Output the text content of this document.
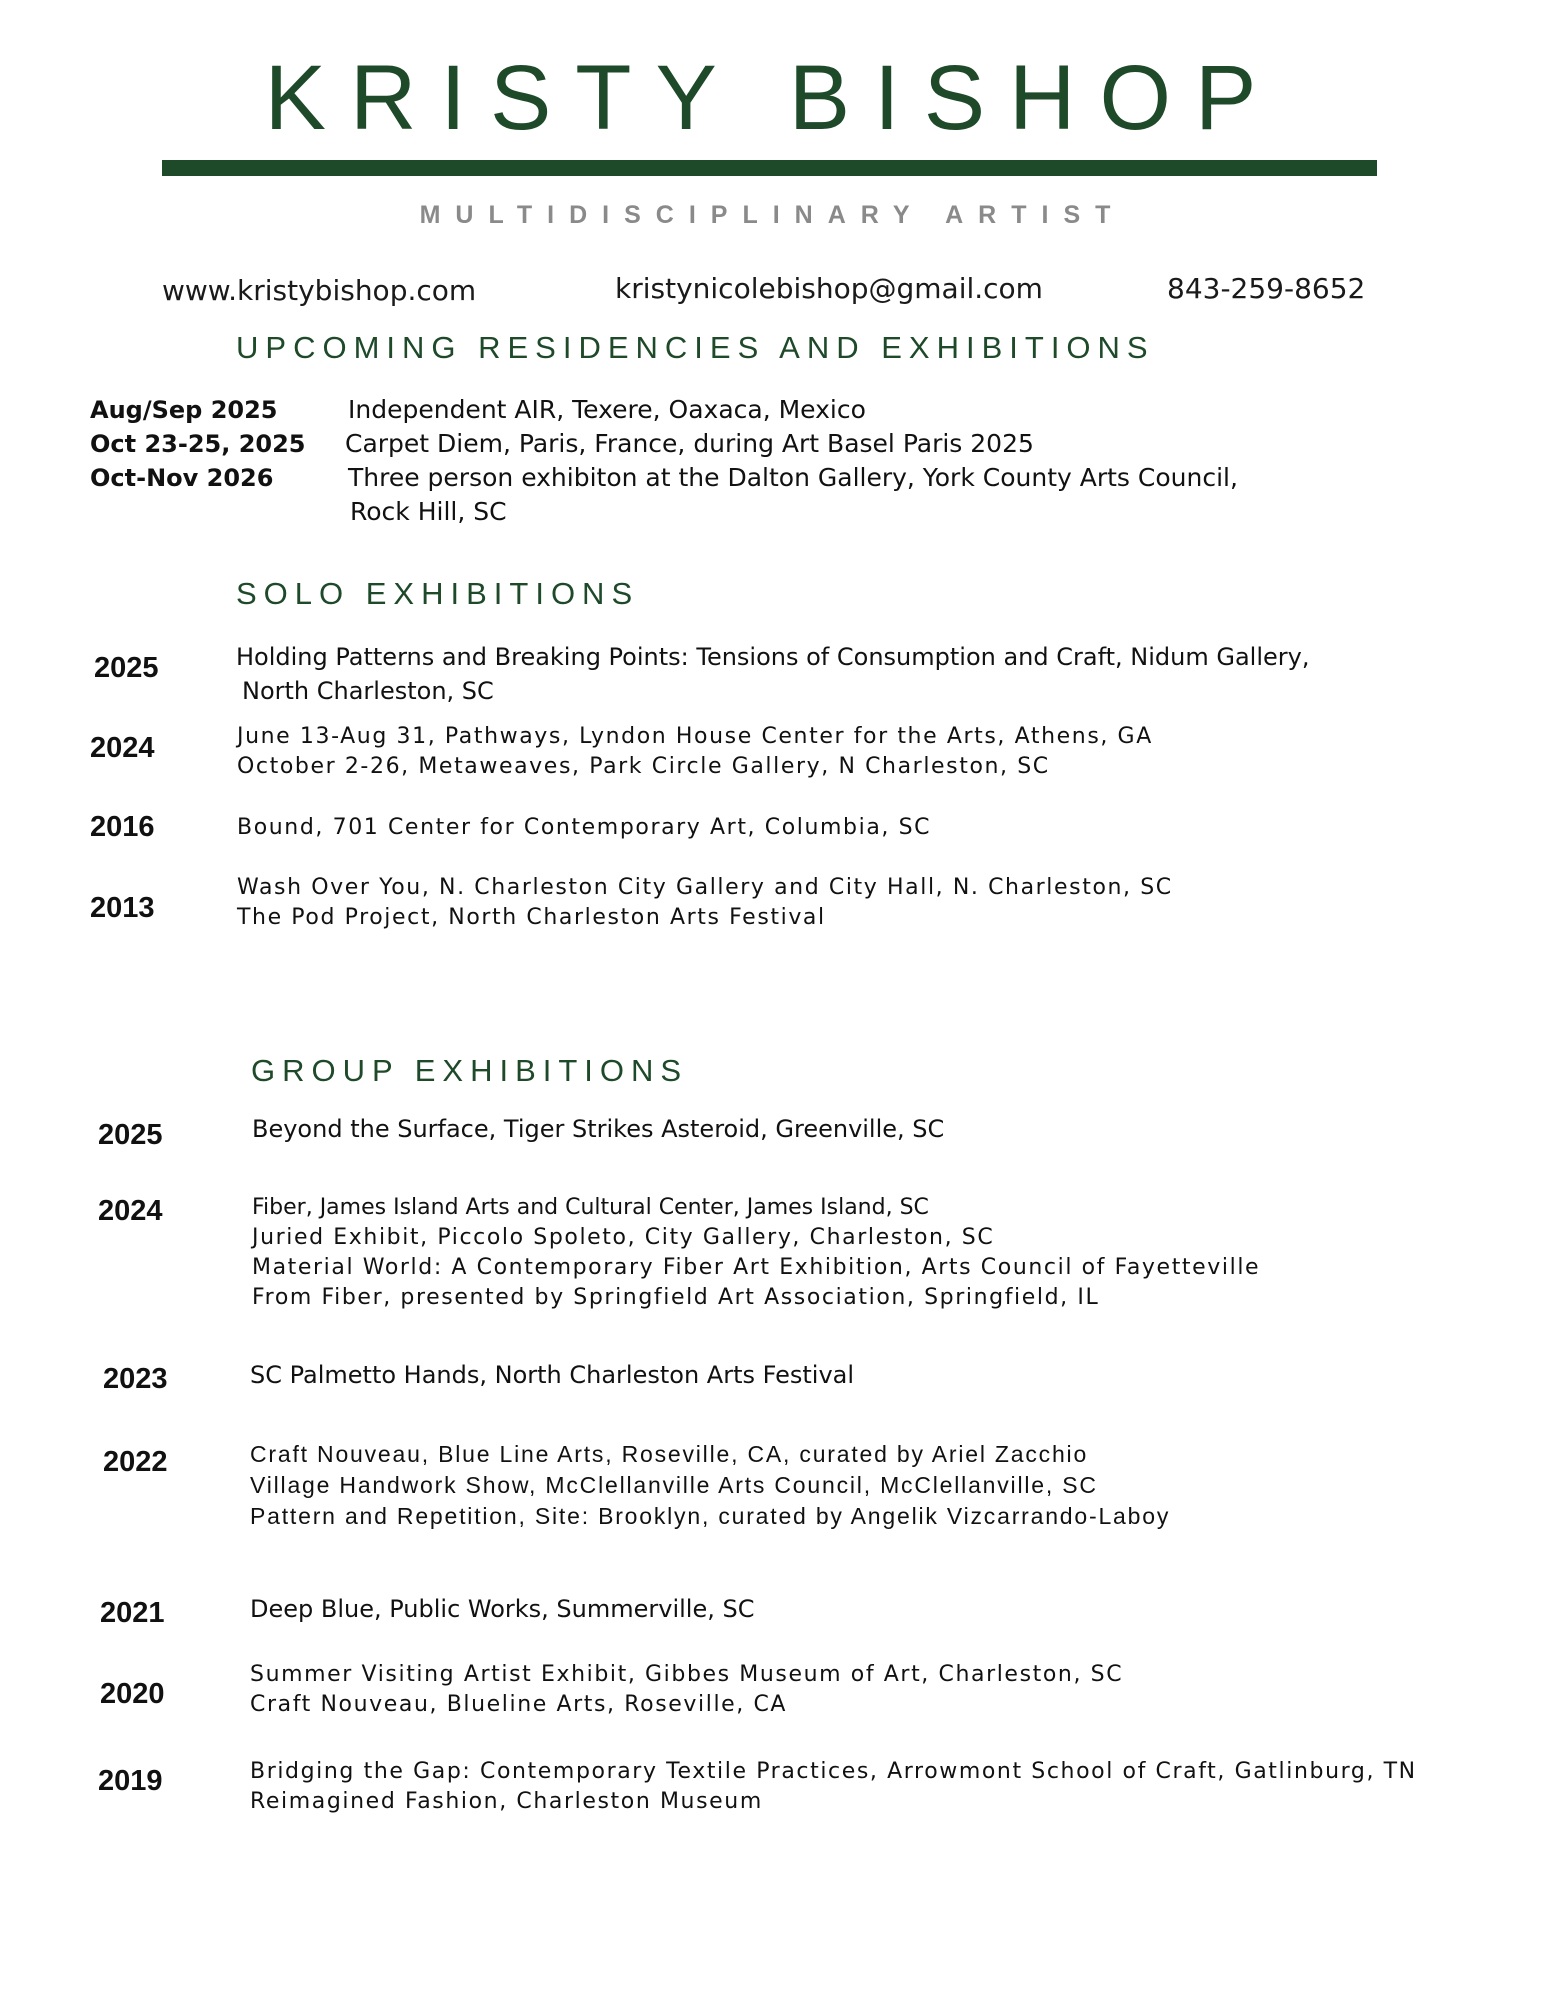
KRISTY BISHOP
MULTIDISCIPLINARY ARTIST
www.kristybishop.com	kristynicolebishop@gmail.com	843-259-8652
UPCOMING RESIDENCIES AND EXHIBITIONS
Aug/Sep 2025	Independent AIR, Texere, Oaxaca, Mexico
Oct 23-25, 2025 Carpet Diem, Paris, France, during Art Basel Paris 2025
Oct-Nov 2026	Three person exhibiton at the Dalton Gallery, York County Arts Council,
Rock Hill, SC
SOLO EXHIBITIONS
2025	Holding Patterns and Breaking Points: Tensions of Consumption and Craft, Nidum Gallery,
North Charleston, SC
2024	June 13-Aug 31, Pathways, Lyndon House Center for the Arts, Athens, GA
October 2-26, Metaweaves, Park Circle Gallery, N Charleston, SC
2016	Bound, 701 Center for Contemporary Art, Columbia, SC
2013
Wash Over You, N. Charleston City Gallery and City Hall, N. Charleston, SC
The Pod Project, North Charleston Arts Festival
GROUP EXHIBITIONS
2025	Beyond the Surface, Tiger Strikes Asteroid, Greenville, SC
2024	Fiber, James Island Arts and Cultural Center, James Island, SC
Juried Exhibit, Piccolo Spoleto, City Gallery, Charleston, SC
Material World: A Contemporary Fiber Art Exhibition, Arts Council of Fayetteville
From Fiber, presented by Springfield Art Association, Springfield, IL
2023	SC Palmetto Hands, North Charleston Arts Festival
2022	Craft Nouveau, Blue Line Arts, Roseville, CA, curated by Ariel Zacchio
Village Handwork Show, McClellanville Arts Council, McClellanville, SC
Pattern and Repetition, Site: Brooklyn, curated by Angelik Vizcarrando-Laboy
2021	Deep Blue, Public Works, Summerville, SC
2020
Summer Visiting Artist Exhibit, Gibbes Museum of Art, Charleston, SC
Craft Nouveau, Blueline Arts, Roseville, CA
2019	Bridging the Gap: Contemporary Textile Practices, Arrowmont School of Craft, Gatlinburg, TN
Reimagined Fashion, Charleston Museum
